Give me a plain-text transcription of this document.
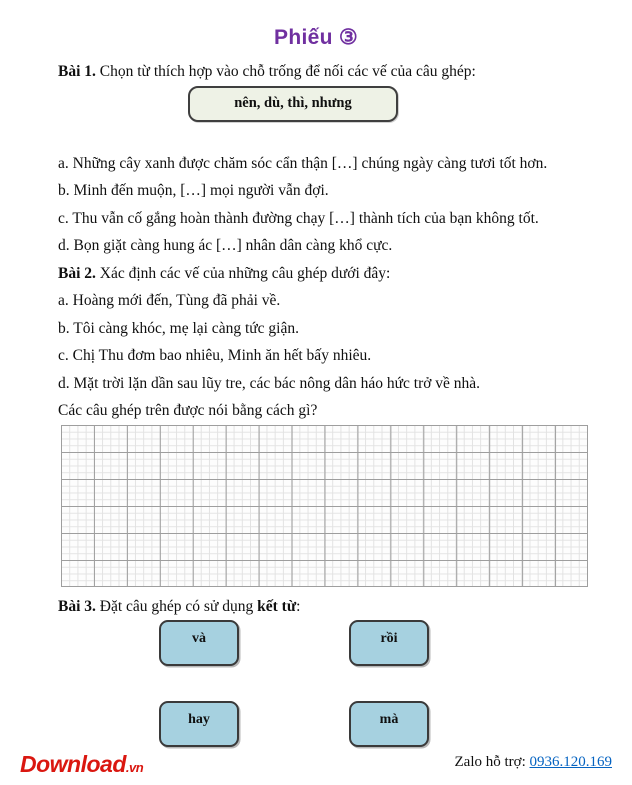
Phiếu ③

Bài 1. Chọn từ thích hợp vào chỗ trống để nối các vế của câu ghép:

nên, dù, thì, nhưng

a. Những cây xanh được chăm sóc cẩn thận […] chúng ngày càng tươi tốt hơn.

b. Minh đến muộn, […] mọi người vẫn đợi.

c. Thu vẫn cố gắng hoàn thành đường chạy […] thành tích của bạn không tốt.

d. Bọn giặt càng hung ác […] nhân dân càng khổ cực.

Bài 2. Xác định các vế của những câu ghép dưới đây:

a. Hoàng mới đến, Tùng đã phải về.

b. Tôi càng khóc, mẹ lại càng tức giận.

c. Chị Thu đơm bao nhiêu, Minh ăn hết bấy nhiêu.

d. Mặt trời lặn dần sau lũy tre, các bác nông dân háo hức trở về nhà.

Các câu ghép trên được nói bằng cách gì?

Bài 3. Đặt câu ghép có sử dụng kết từ:

và	rồi
hay	mà
Download.vn	Zalo hỗ trợ: 0936.120.169
